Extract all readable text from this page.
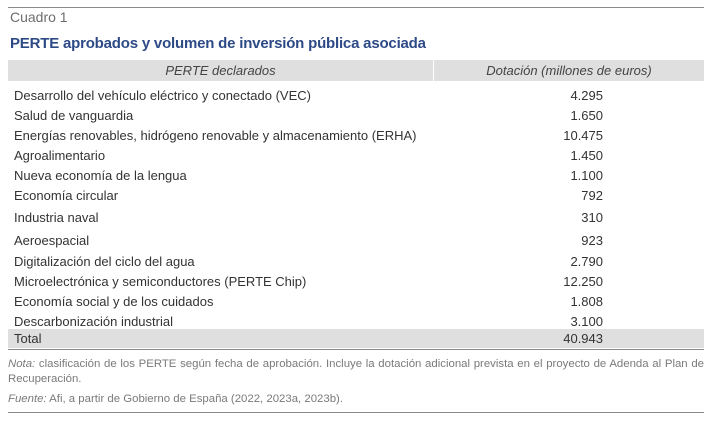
Cuadro 1
PERTE aprobados y volumen de inversión pública asociada
PERTE declarados	Dotación (millones de euros)
Desarrollo del vehículo eléctrico y conectado (VEC)	4.295
Salud de vanguardia	1.650
Energías renovables, hidrógeno renovable y almacenamiento (ERHA)	10.475
Agroalimentario	1.450
Nueva economía de la lengua	1.100
Economía circular	792
Industria naval	310
Aeroespacial	923
Digitalización del ciclo del agua	2.790
Microelectrónica y semiconductores (PERTE Chip)	12.250
Economía social y de los cuidados	1.808
Descarbonización industrial	3.100
Total	40.943
Nota: clasificación de los PERTE según fecha de aprobación. Incluye la dotación adicional prevista en el proyecto de Adenda al Plan de Recuperación.
Fuente: Afi, a partir de Gobierno de España (2022, 2023a, 2023b).
